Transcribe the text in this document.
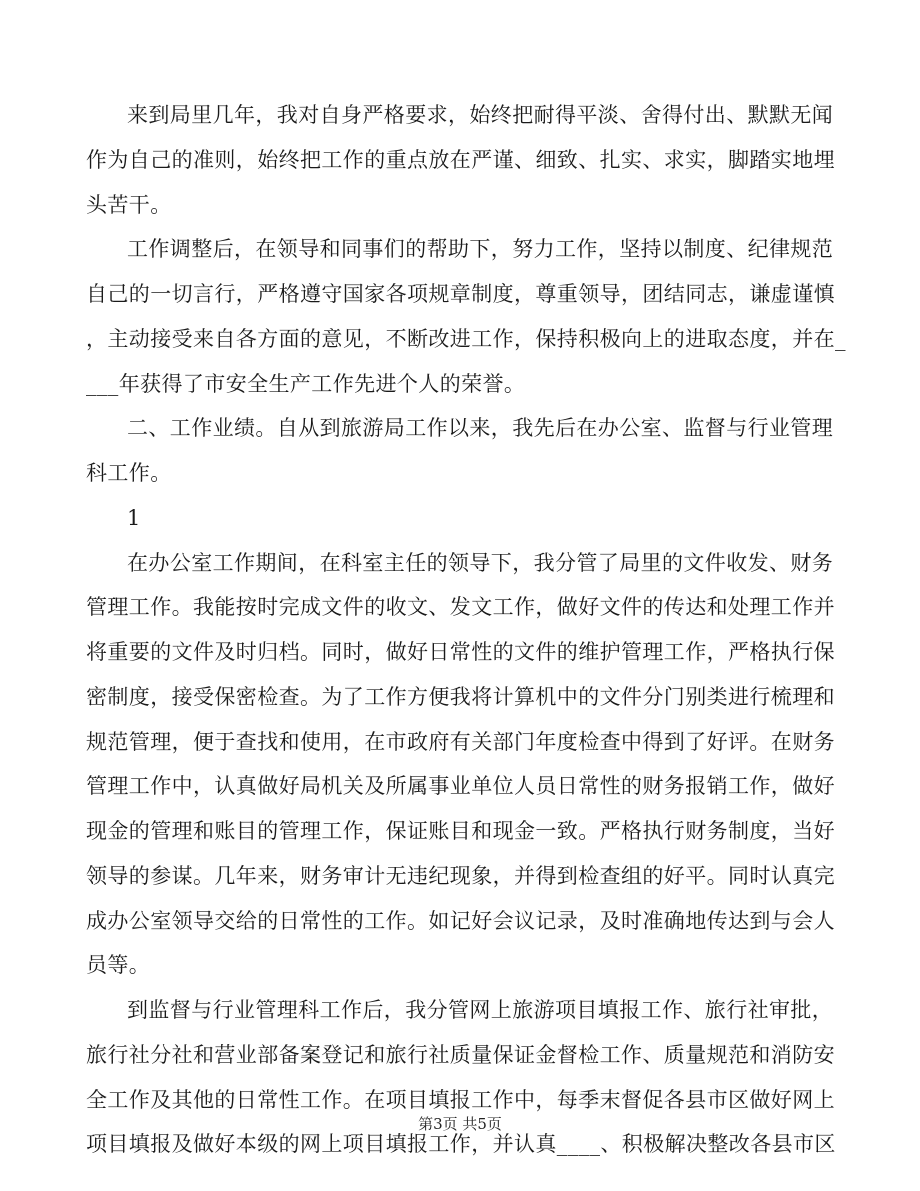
来到局里几年，我对自身严格要求，始终把耐得平淡、舍得付出、默默无闻
作为自己的准则，始终把工作的重点放在严谨、细致、扎实、求实，脚踏实地埋
头苦干。
工作调整后，在领导和同事们的帮助下，努力工作，坚持以制度、纪律规范
自己的一切言行，严格遵守国家各项规章制度，尊重领导，团结同志，谦虚谨慎
，主动接受来自各方面的意见，不断改进工作，保持积极向上的进取态度，并在_
___年获得了市安全生产工作先进个人的荣誉。
二、工作业绩。自从到旅游局工作以来，我先后在办公室、监督与行业管理
科工作。
1
在办公室工作期间，在科室主任的领导下，我分管了局里的文件收发、财务
管理工作。我能按时完成文件的收文、发文工作，做好文件的传达和处理工作并
将重要的文件及时归档。同时，做好日常性的文件的维护管理工作，严格执行保
密制度，接受保密检查。为了工作方便我将计算机中的文件分门别类进行梳理和
规范管理，便于查找和使用，在市政府有关部门年度检查中得到了好评。在财务
管理工作中，认真做好局机关及所属事业单位人员日常性的财务报销工作，做好
现金的管理和账目的管理工作，保证账目和现金一致。严格执行财务制度，当好
领导的参谋。几年来，财务审计无违纪现象，并得到检查组的好平。同时认真完
成办公室领导交给的日常性的工作。如记好会议记录，及时准确地传达到与会人
员等。
到监督与行业管理科工作后，我分管网上旅游项目填报工作、旅行社审批，
旅行社分社和营业部备案登记和旅行社质量保证金督检工作、质量规范和消防安
全工作及其他的日常性工作。在项目填报工作中，每季末督促各县市区做好网上
项目填报及做好本级的网上项目填报工作，并认真____、积极解决整改各县市区
第3页 共5页
